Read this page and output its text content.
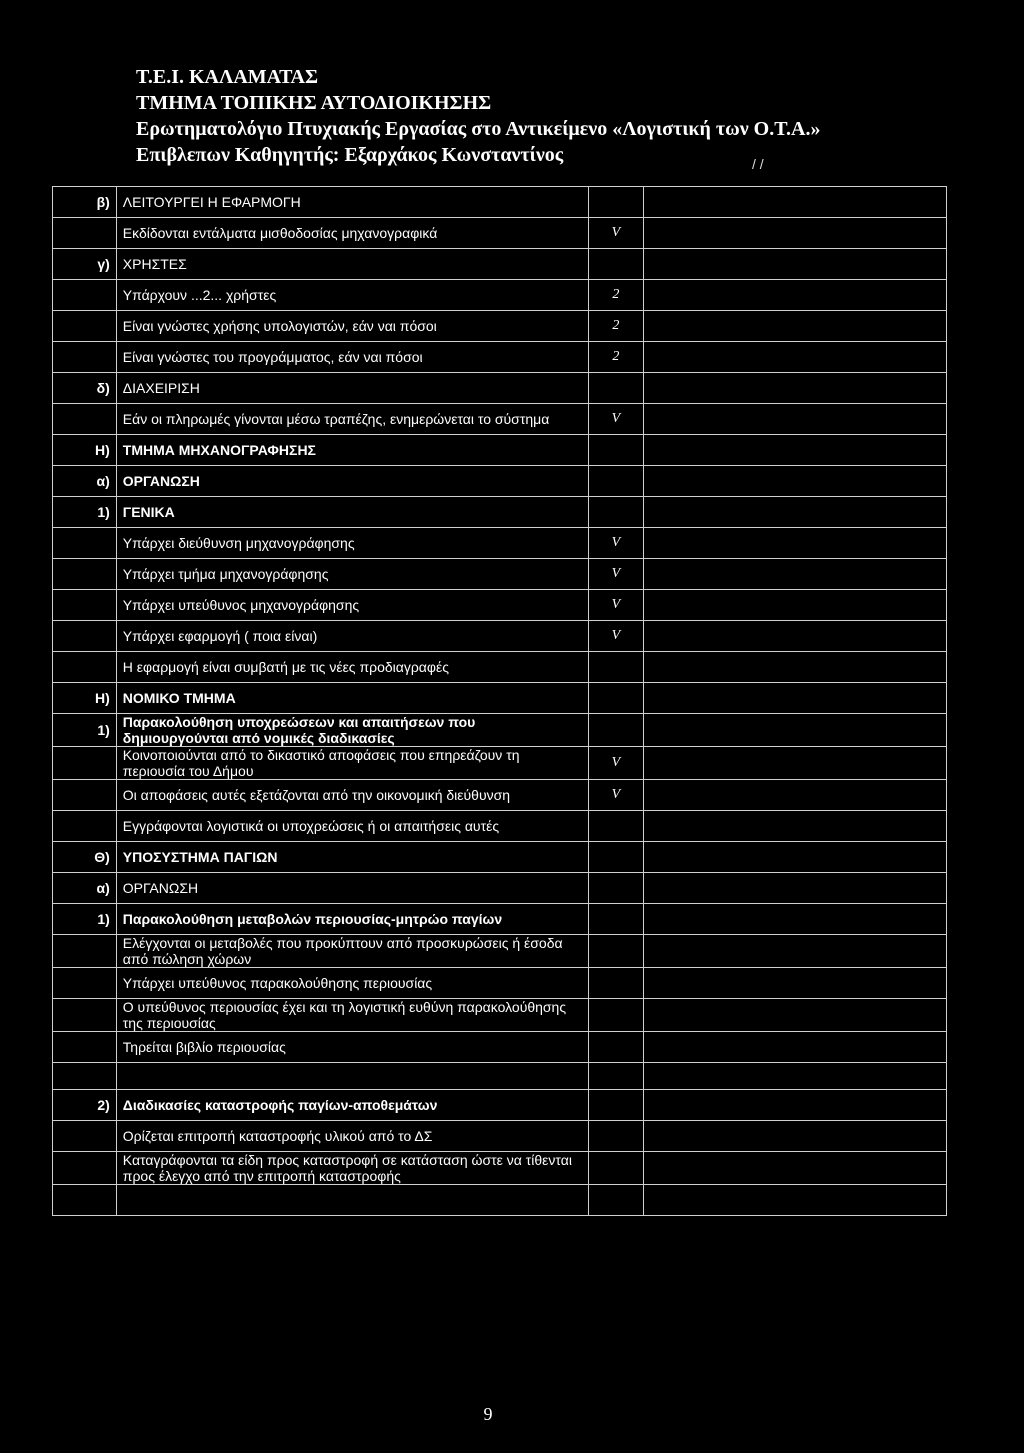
Τ.Ε.Ι. ΚΑΛΑΜΑΤΑΣ
ΤΜΗΜΑ ΤΟΠΙΚΗΣ ΑΥΤΟΔΙΟΙΚΗΣΗΣ
Ερωτηματολόγιο Πτυχιακής Εργασίας στο Αντικείμενο «Λογιστική των Ο.Τ.Α.»
Επιβλεπων Καθηγητής: Εξαρχάκος Κωνσταντίνος	/ /
β)	ΛΕΙΤΟΥΡΓΕΙ Η ΕΦΑΡΜΟΓΗ		
	Εκδίδονται εντάλματα μισθοδοσίας μηχανογραφικά	V	
γ)	ΧΡΗΣΤΕΣ		
	Υπάρχουν ...2... χρήστες	2	
	Είναι γνώστες χρήσης υπολογιστών, εάν ναι πόσοι	2	
	Είναι γνώστες του προγράμματος, εάν ναι πόσοι	2	
δ)	ΔΙΑΧΕΙΡΙΣΗ		
	Εάν οι πληρωμές γίνονται μέσω τραπέζης, ενημερώνεται το σύστημα	V	
Η)	ΤΜΗΜΑ ΜΗΧΑΝΟΓΡΑΦΗΣΗΣ		
α)	ΟΡΓΑΝΩΣΗ		
1)	ΓΕΝΙΚΑ		
	Υπάρχει διεύθυνση μηχανογράφησης	V	
	Υπάρχει τμήμα μηχανογράφησης	V	
	Υπάρχει υπεύθυνος μηχανογράφησης	V	
	Υπάρχει εφαρμογή ( ποια είναι)	V	
	Η εφαρμογή είναι συμβατή με τις νέες προδιαγραφές		
Η)	ΝΟΜΙΚΟ ΤΜΗΜΑ		
1)	Παρακολούθηση υποχρεώσεων και απαιτήσεων που δημιουργούνται από νομικές διαδικασίες		
	Κοινοποιούνται από το δικαστικό αποφάσεις που επηρεάζουν τη περιουσία του Δήμου	V	
	Οι αποφάσεις αυτές εξετάζονται από την οικονομική διεύθυνση	V	
	Εγγράφονται λογιστικά οι υποχρεώσεις ή οι απαιτήσεις αυτές		
Θ)	ΥΠΟΣΥΣΤΗΜΑ ΠΑΓΙΩΝ		
α)	ΟΡΓΑΝΩΣΗ		
1)	Παρακολούθηση μεταβολών περιουσίας-μητρώο παγίων		
	Ελέγχονται οι μεταβολές που προκύπτουν από προσκυρώσεις ή έσοδα από πώληση χώρων		
	Υπάρχει υπεύθυνος παρακολούθησης περιουσίας		
	Ο υπεύθυνος περιουσίας έχει και τη λογιστική ευθύνη παρακολούθησης της περιουσίας		
	Τηρείται βιβλίο περιουσίας		

2)	Διαδικασίες καταστροφής παγίων-αποθεμάτων		
	Ορίζεται επιτροπή καταστροφής υλικού από το ΔΣ		
	Καταγράφονται τα είδη προς καταστροφή σε κατάσταση ώστε να τίθενται προς έλεγχο από την επιτροπή καταστροφής		

9
